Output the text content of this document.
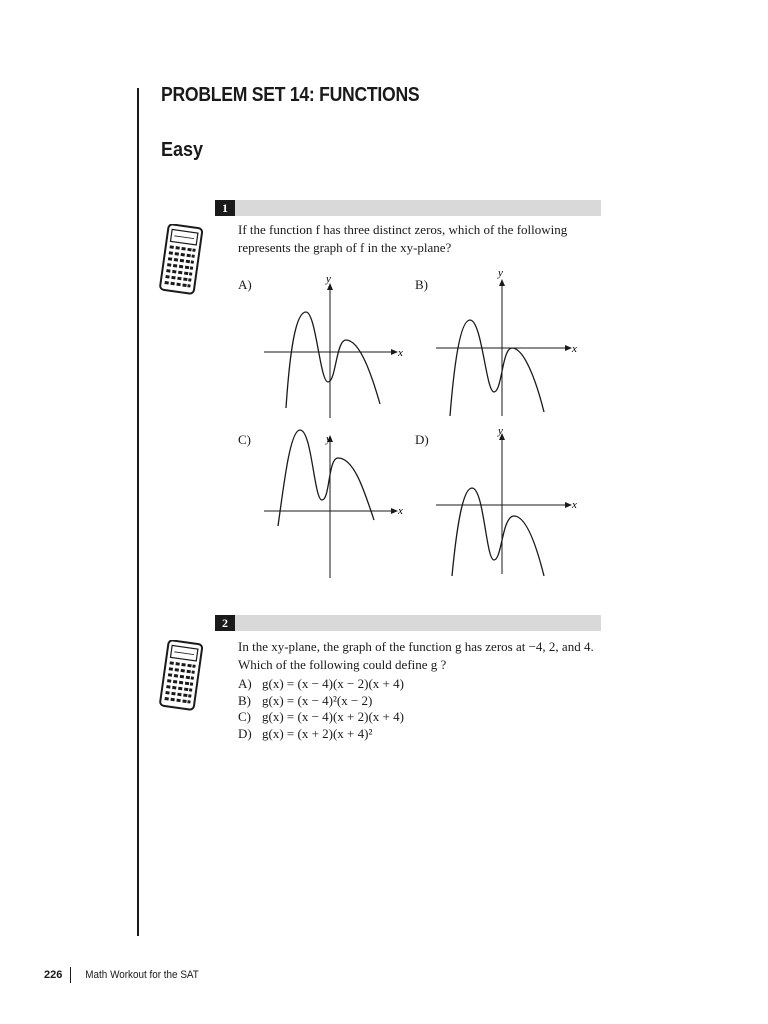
PROBLEM SET 14: FUNCTIONS
Easy
1

If the function f has three distinct zeros, which of the following represents the graph of f in the xy-plane?

A)
x
y	B)
x
y
C)
x
y	D)
x
y
2

In the xy-plane, the graph of the function g has zeros at −4, 2, and 4. Which of the following could define g ?

A) g(x) = (x − 4)(x − 2)(x + 4)
B) g(x) = (x − 4)²(x − 2)
C) g(x) = (x − 4)(x + 2)(x + 4)
D) g(x) = (x + 2)(x + 4)²
226 Math Workout for the SAT
